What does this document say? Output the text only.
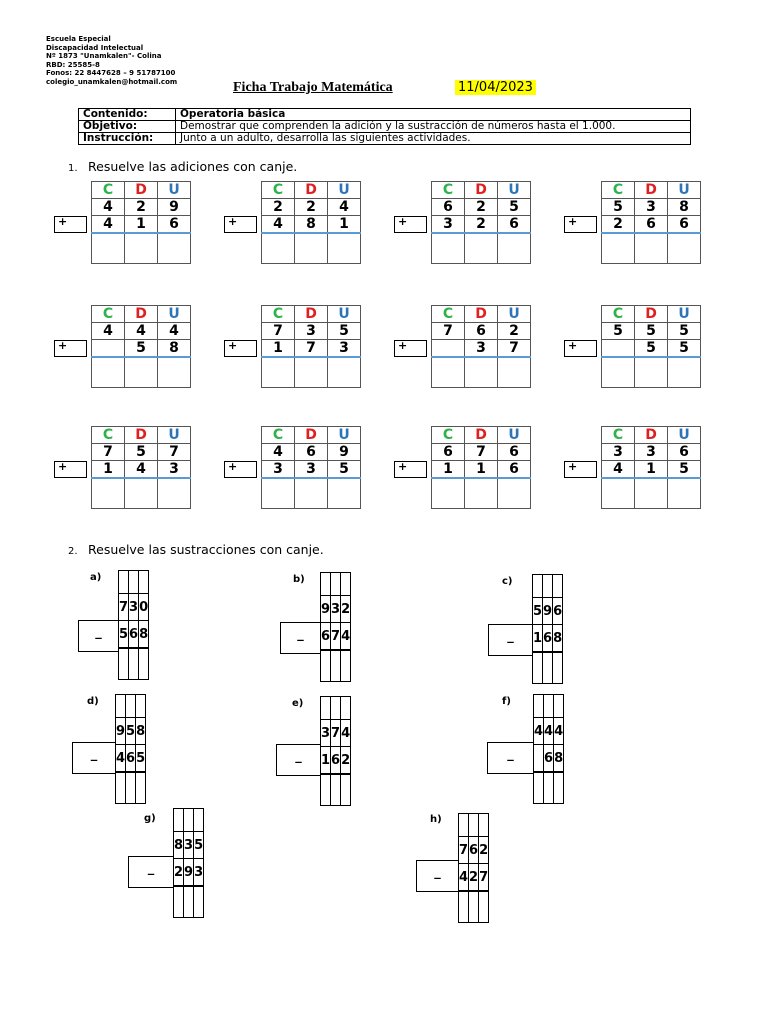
Escuela Especial
Discapacidad Intelectual
Nº 1873 "Unamkalen"- Colina
RBD: 25585-8
Fonos: 22 8447628 – 9 51787100
colegio_unamkalen@hotmail.com	Ficha Trabajo Matemática	11/04/2023
Contenido:	Operatoria básica
Objetivo:	Demostrar que comprenden la adición y la sustracción de números hasta el 1.000.
Instrucción:	Junto a un adulto, desarrolla las siguientes actividades.
1. Resuelve las adiciones con canje.
+
C	D	U
4	2	9
4	1	6
			+
C	D	U
2	2	4
4	8	1
			+
C	D	U
6	2	5
3	2	6
			+
C	D	U
5	3	8
2	6	6

+
C	D	U
4	4	4
	5	8
			+
C	D	U
7	3	5
1	7	3
			+
C	D	U
7	6	2
	3	7
			+
C	D	U
5	5	5
	5	5

+
C	D	U
7	5	7
1	4	3
			+
C	D	U
4	6	9
3	3	5
			+
C	D	U
6	7	6
1	1	6
			+
C	D	U
3	3	6
4	1	5

2. Resuelve las sustracciones con canje.
a)
_

7	3	0
5	6	8

b)
_

9	3	2
6	7	4

c)
_

5	9	6
1	6	8

d)
_

9	5	8
4	6	5

e)
_

3	7	4
1	6	2

f)
_

4	4	4
	6	8

g)
_

8	3	5
2	9	3

h)
_

7	6	2
4	2	7
